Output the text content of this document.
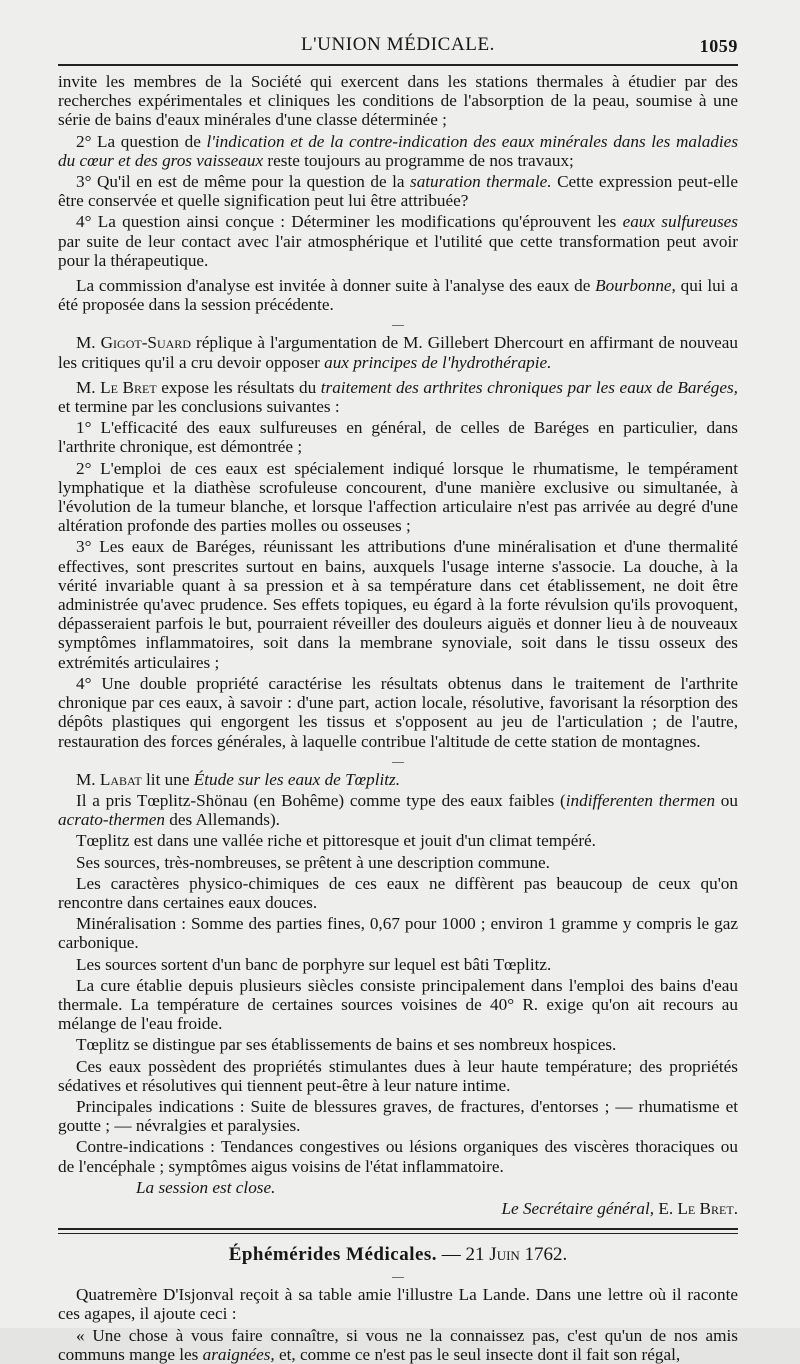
L'UNION MÉDICALE.	1059

invite les membres de la Société qui exercent dans les stations thermales à étudier par des recherches expérimentales et cliniques les conditions de l'absorption de la peau, soumise à une série de bains d'eaux minérales d'une classe déterminée ;

2° La question de l'indication et de la contre-indication des eaux minérales dans les maladies du cœur et des gros vaisseaux reste toujours au programme de nos travaux;

3° Qu'il en est de même pour la question de la saturation thermale. Cette expression peut-elle être conservée et quelle signification peut lui être attribuée?

4° La question ainsi conçue : Déterminer les modifications qu'éprouvent les eaux sulfureuses par suite de leur contact avec l'air atmosphérique et l'utilité que cette transformation peut avoir pour la thérapeutique.

La commission d'analyse est invitée à donner suite à l'analyse des eaux de Bourbonne, qui lui a été proposée dans la session précédente.

—

M. Gigot-Suard réplique à l'argumentation de M. Gillebert Dhercourt en affirmant de nouveau les critiques qu'il a cru devoir opposer aux principes de l'hydrothérapie.

M. Le Bret expose les résultats du traitement des arthrites chroniques par les eaux de Baréges, et termine par les conclusions suivantes :

1° L'efficacité des eaux sulfureuses en général, de celles de Baréges en particulier, dans l'arthrite chronique, est démontrée ;

2° L'emploi de ces eaux est spécialement indiqué lorsque le rhumatisme, le tempérament lymphatique et la diathèse scrofuleuse concourent, d'une manière exclusive ou simultanée, à l'évolution de la tumeur blanche, et lorsque l'affection articulaire n'est pas arrivée au degré d'une altération profonde des parties molles ou osseuses ;

3° Les eaux de Baréges, réunissant les attributions d'une minéralisation et d'une thermalité effectives, sont prescrites surtout en bains, auxquels l'usage interne s'associe. La douche, à la vérité invariable quant à sa pression et à sa température dans cet établissement, ne doit être administrée qu'avec prudence. Ses effets topiques, eu égard à la forte révulsion qu'ils provoquent, dépasseraient parfois le but, pourraient réveiller des douleurs aiguës et donner lieu à de nouveaux symptômes inflammatoires, soit dans la membrane synoviale, soit dans le tissu osseux des extrémités articulaires ;

4° Une double propriété caractérise les résultats obtenus dans le traitement de l'arthrite chronique par ces eaux, à savoir : d'une part, action locale, résolutive, favorisant la résorption des dépôts plastiques qui engorgent les tissus et s'opposent au jeu de l'articulation ; de l'autre, restauration des forces générales, à laquelle contribue l'altitude de cette station de montagnes.

—

M. Labat lit une Étude sur les eaux de Tœplitz.

Il a pris Tœplitz-Shönau (en Bohême) comme type des eaux faibles (indifferenten thermen ou acrato-thermen des Allemands).

Tœplitz est dans une vallée riche et pittoresque et jouit d'un climat tempéré.

Ses sources, très-nombreuses, se prêtent à une description commune.

Les caractères physico-chimiques de ces eaux ne diffèrent pas beaucoup de ceux qu'on rencontre dans certaines eaux douces.

Minéralisation : Somme des parties fines, 0,67 pour 1000 ; environ 1 gramme y compris le gaz carbonique.

Les sources sortent d'un banc de porphyre sur lequel est bâti Tœplitz.

La cure établie depuis plusieurs siècles consiste principalement dans l'emploi des bains d'eau thermale. La température de certaines sources voisines de 40° R. exige qu'on ait recours au mélange de l'eau froide.

Tœplitz se distingue par ses établissements de bains et ses nombreux hospices.

Ces eaux possèdent des propriétés stimulantes dues à leur haute température; des propriétés sédatives et résolutives qui tiennent peut-être à leur nature intime.

Principales indications : Suite de blessures graves, de fractures, d'entorses ; — rhumatisme et goutte ; — névralgies et paralysies.

Contre-indications : Tendances congestives ou lésions organiques des viscères thoraciques ou de l'encéphale ; symptômes aigus voisins de l'état inflammatoire.

La session est close.

Le Secrétaire général, E. Le Bret.

Éphémérides Médicales. — 21 Juin 1762.
—

Quatremère D'Isjonval reçoit à sa table amie l'illustre La Lande. Dans une lettre où il raconte ces agapes, il ajoute ceci :

« Une chose à vous faire connaître, si vous ne la connaissez pas, c'est qu'un de nos amis communs mange les araignées, et, comme ce n'est pas le seul insecte dont il fait son régal,
